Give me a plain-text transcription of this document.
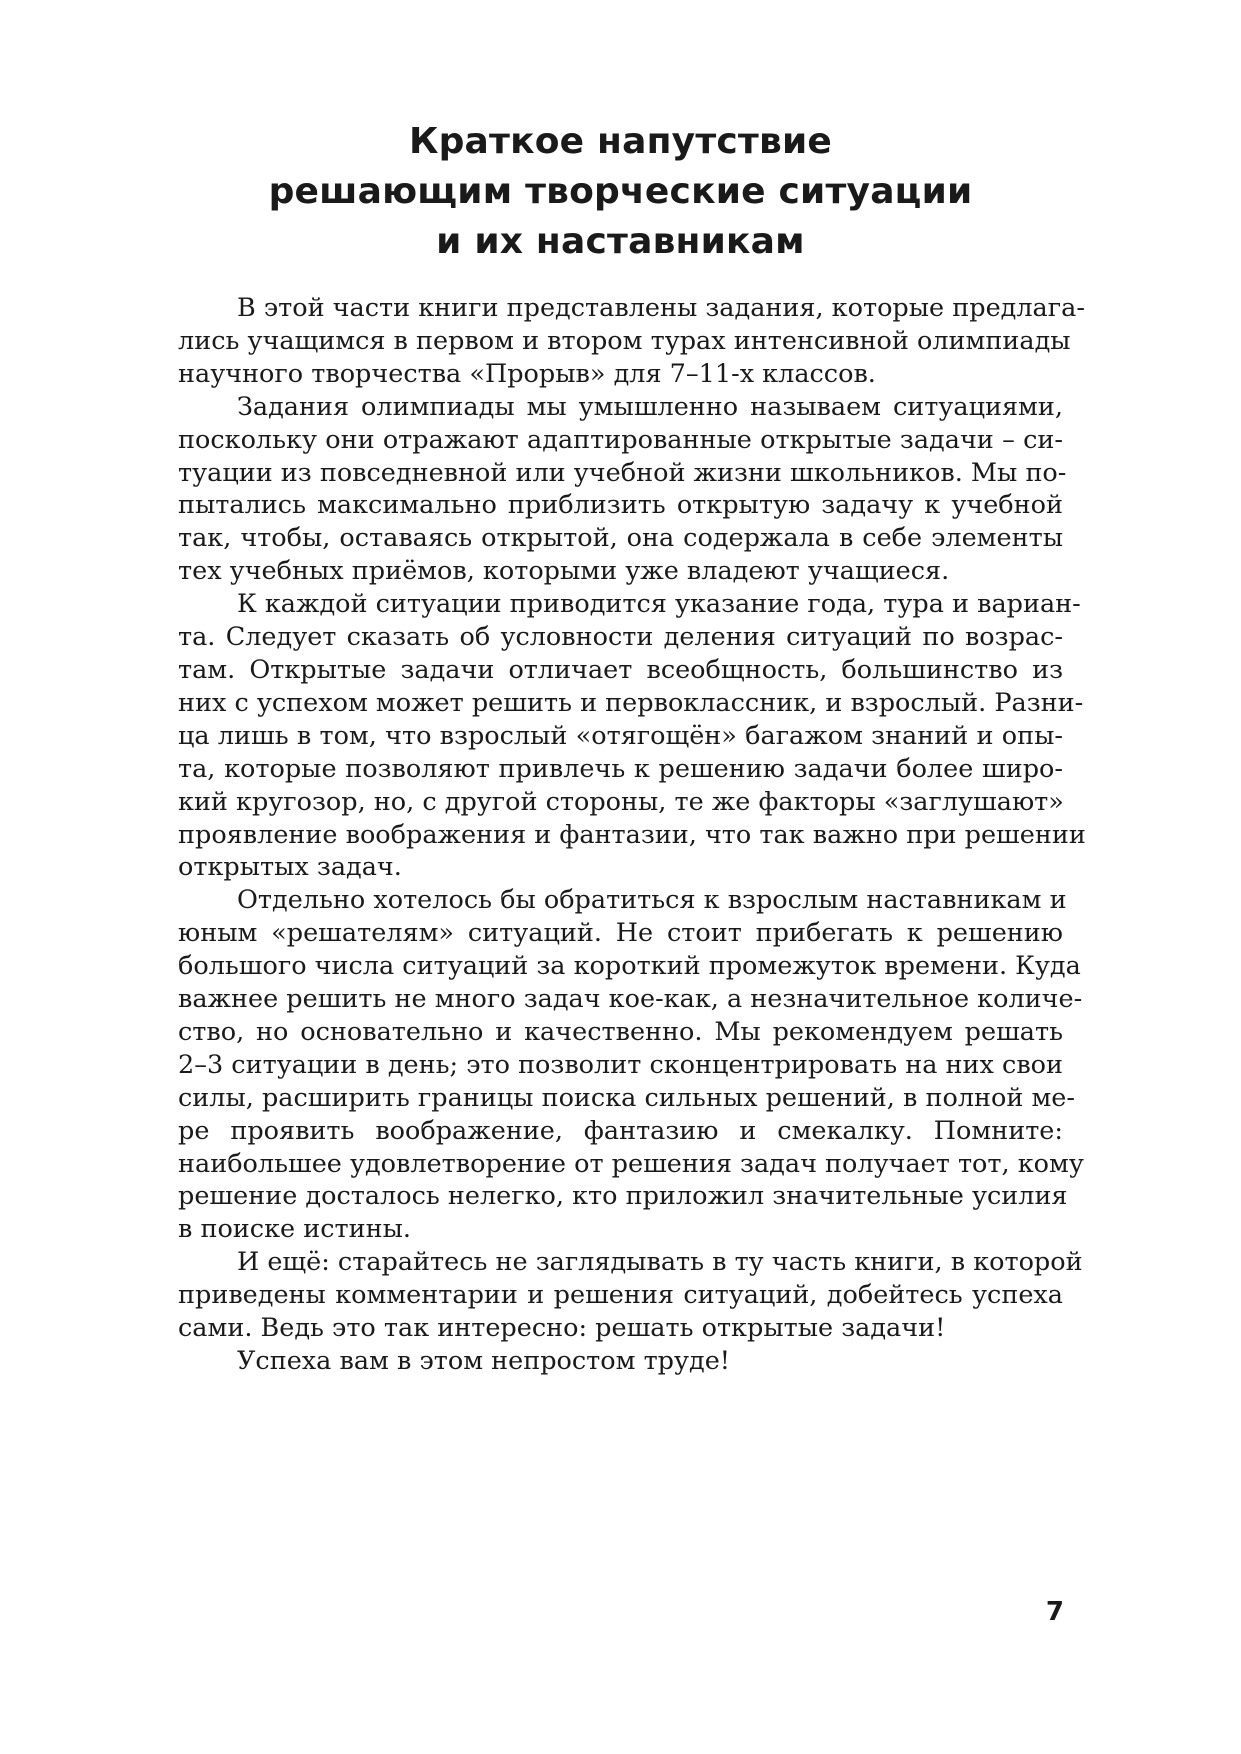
Краткое напутствие
решающим творческие ситуации
и их наставникам

В этой части книги представлены задания, которые предлага-
лись учащимся в первом и втором турах интенсивной олимпиады
научного творчества «Прорыв» для 7–11-х классов.

Задания олимпиады мы умышленно называем ситуациями,
поскольку они отражают адаптированные открытые задачи – си-
туации из повседневной или учебной жизни школьников. Мы по-
пытались максимально приблизить открытую задачу к учебной
так, чтобы, оставаясь открытой, она содержала в себе элементы
тех учебных приёмов, которыми уже владеют учащиеся.

К каждой ситуации приводится указание года, тура и вариан-
та. Следует сказать об условности деления ситуаций по возрас-
там. Открытые задачи отличает всеобщность, большинство из
них с успехом может решить и первоклассник, и взрослый. Разни-
ца лишь в том, что взрослый «отягощён» багажом знаний и опы-
та, которые позволяют привлечь к решению задачи более широ-
кий кругозор, но, с другой стороны, те же факторы «заглушают»
проявление воображения и фантазии, что так важно при решении
открытых задач.

Отдельно хотелось бы обратиться к взрослым наставникам и
юным «решателям» ситуаций. Не стоит прибегать к решению
большого числа ситуаций за короткий промежуток времени. Куда
важнее решить не много задач кое-как, а незначительное количе-
ство, но основательно и качественно. Мы рекомендуем решать
2–3 ситуации в день; это позволит сконцентрировать на них свои
силы, расширить границы поиска сильных решений, в полной ме-
ре проявить воображение, фантазию и смекалку. Помните:
наибольшее удовлетворение от решения задач получает тот, кому
решение досталось нелегко, кто приложил значительные усилия
в поиске истины.

И ещё: старайтесь не заглядывать в ту часть книги, в которой
приведены комментарии и решения ситуаций, добейтесь успеха
сами. Ведь это так интересно: решать открытые задачи!

Успеха вам в этом непростом труде!

7
